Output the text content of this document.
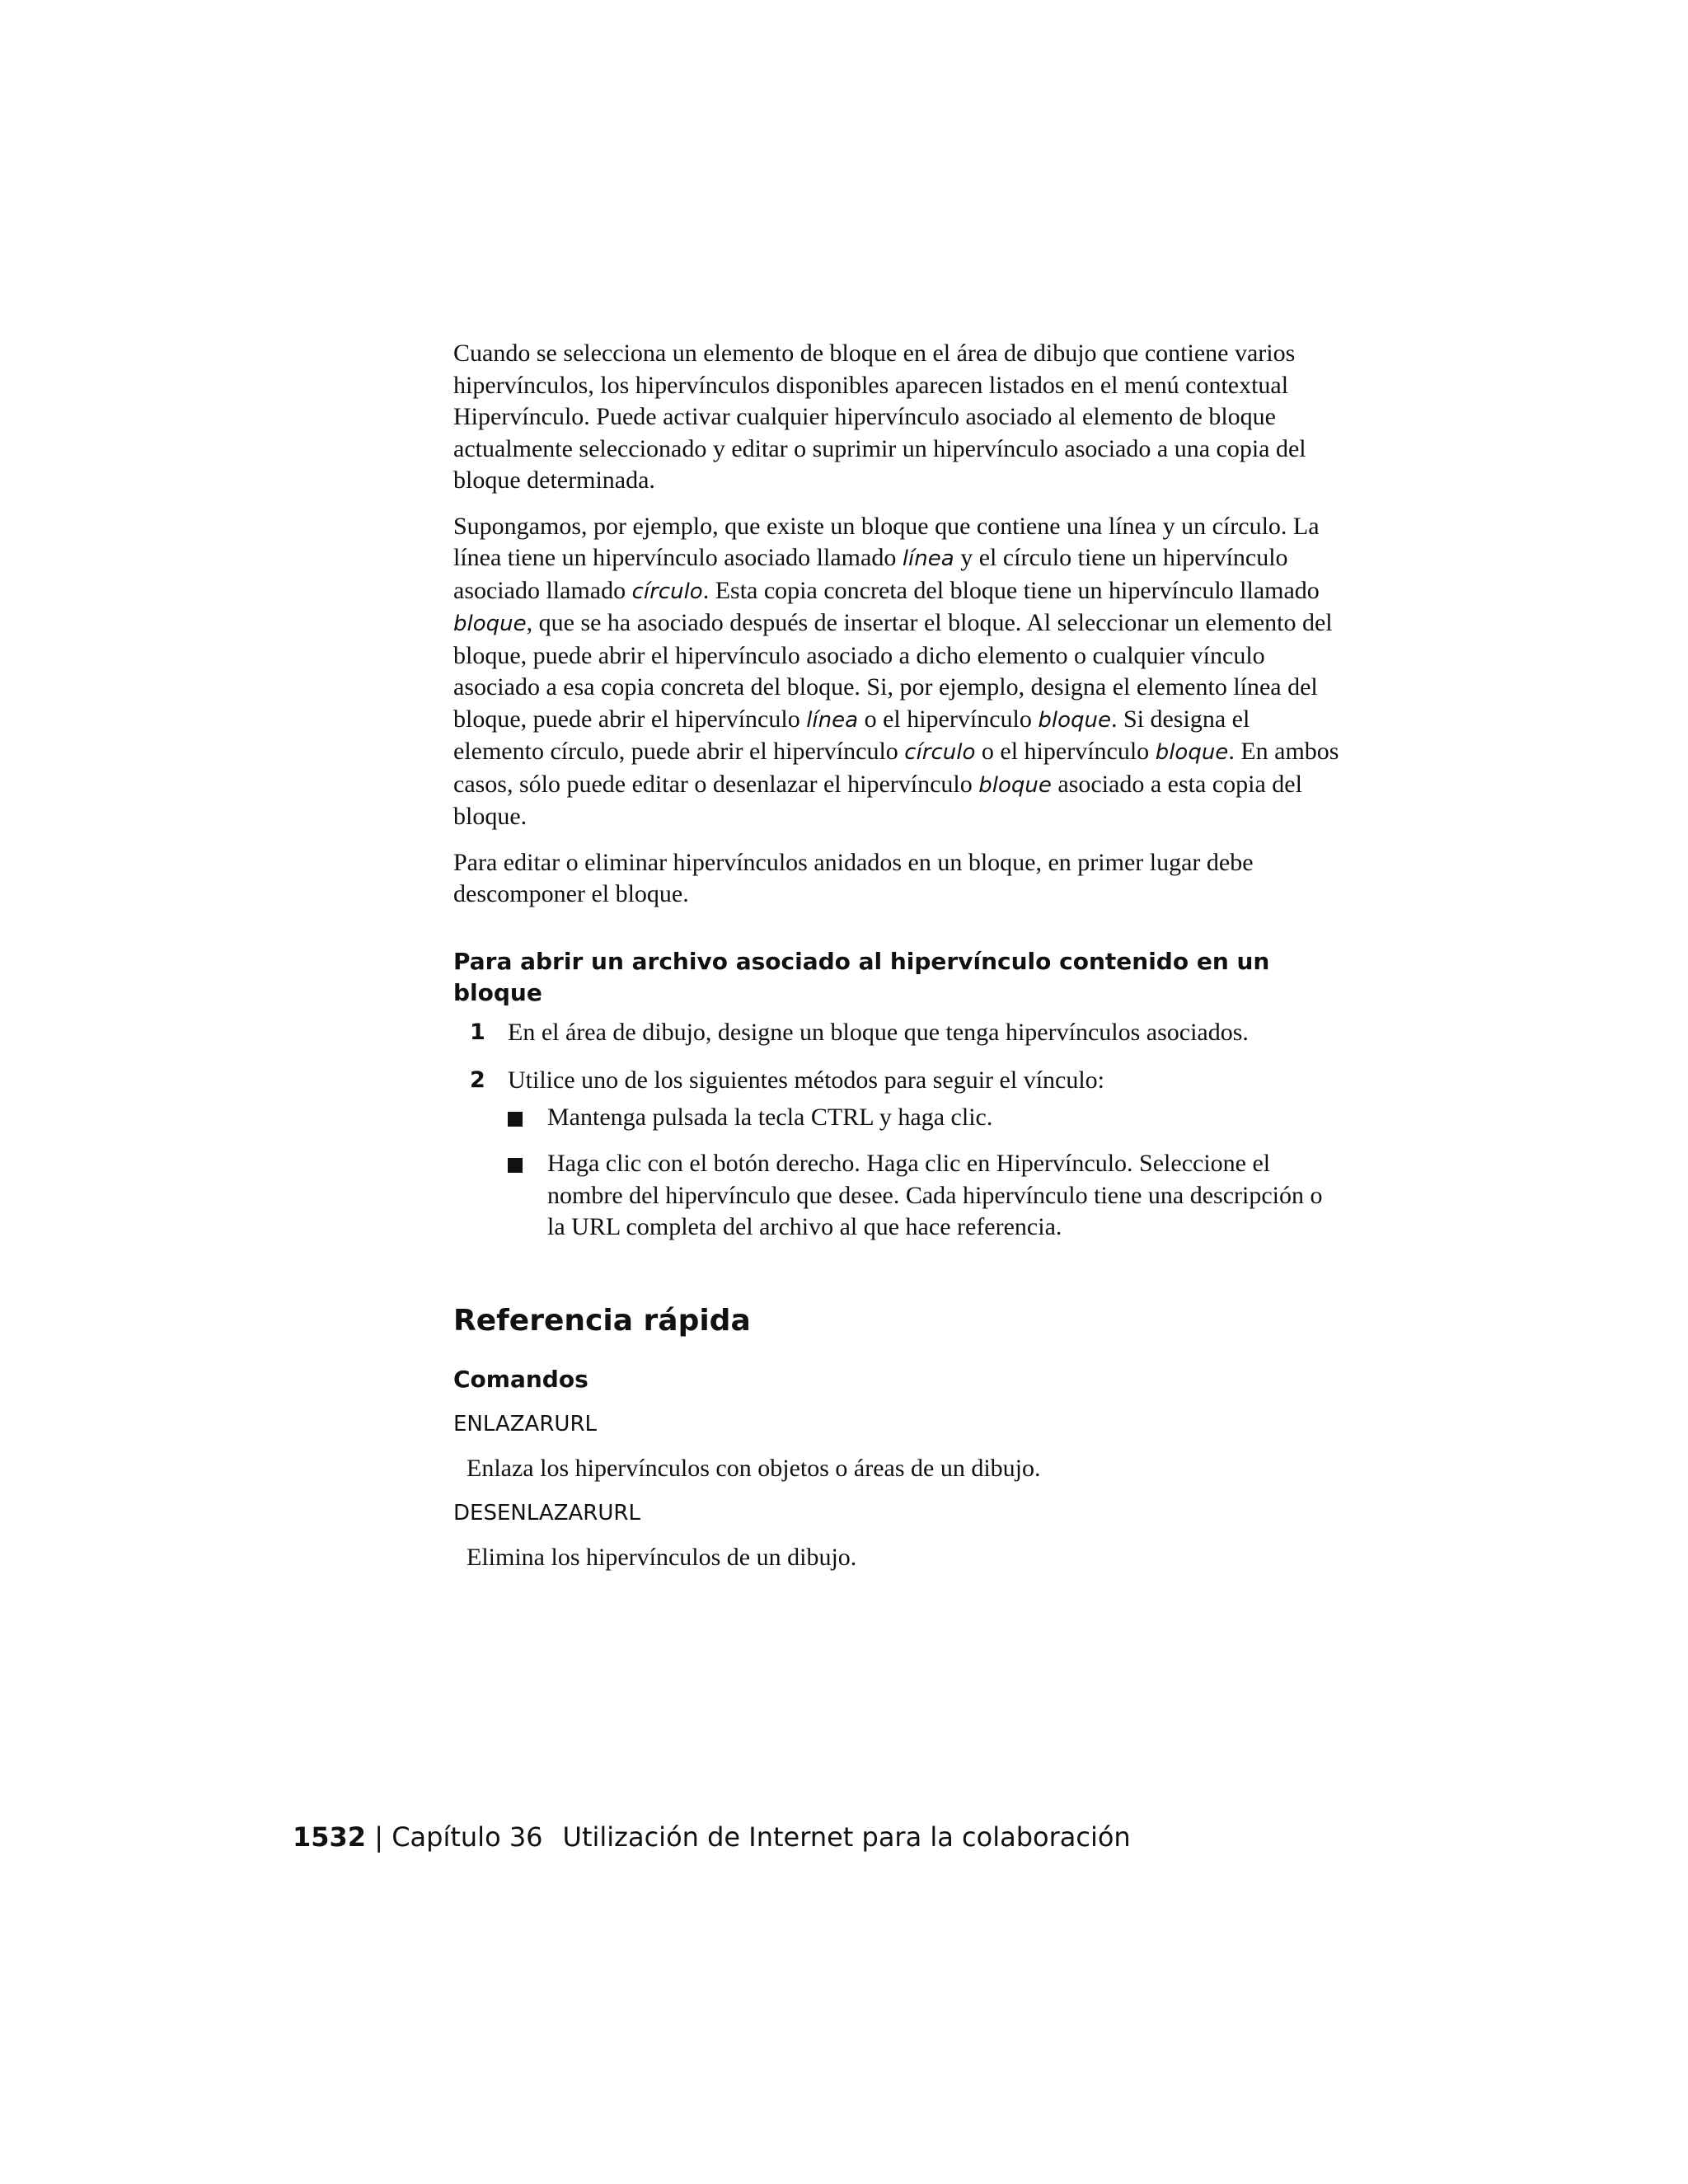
Cuando se selecciona un elemento de bloque en el área de dibujo que contiene varios hipervínculos, los hipervínculos disponibles aparecen listados en el menú contextual Hipervínculo. Puede activar cualquier hipervínculo asociado al elemento de bloque actualmente seleccionado y editar o suprimir un hipervínculo asociado a una copia del bloque determinada.

Supongamos, por ejemplo, que existe un bloque que contiene una línea y un círculo. La línea tiene un hipervínculo asociado llamado línea y el círculo tiene un hipervínculo asociado llamado círculo. Esta copia concreta del bloque tiene un hipervínculo llamado bloque, que se ha asociado después de insertar el bloque. Al seleccionar un elemento del bloque, puede abrir el hipervínculo asociado a dicho elemento o cualquier vínculo asociado a esa copia concreta del bloque. Si, por ejemplo, designa el elemento línea del bloque, puede abrir el hipervínculo línea o el hipervínculo bloque. Si designa el elemento círculo, puede abrir el hipervínculo círculo o el hipervínculo bloque. En ambos casos, sólo puede editar o desenlazar el hipervínculo bloque asociado a esta copia del bloque.

Para editar o eliminar hipervínculos anidados en un bloque, en primer lugar debe descomponer el bloque.

Para abrir un archivo asociado al hipervínculo contenido en un bloque
1 En el área de dibujo, designe un bloque que tenga hipervínculos asociados.
2 Utilice uno de los siguientes métodos para seguir el vínculo:
Mantenga pulsada la tecla CTRL y haga clic.
Haga clic con el botón derecho. Haga clic en Hipervínculo. Seleccione el nombre del hipervínculo que desee. Cada hipervínculo tiene una descripción o la URL completa del archivo al que hace referencia.
Referencia rápida
Comandos
ENLAZARURL
Enlaza los hipervínculos con objetos o áreas de un dibujo.
DESENLAZARURL
Elimina los hipervínculos de un dibujo.
1532 | Capítulo 36 Utilización de Internet para la colaboración
